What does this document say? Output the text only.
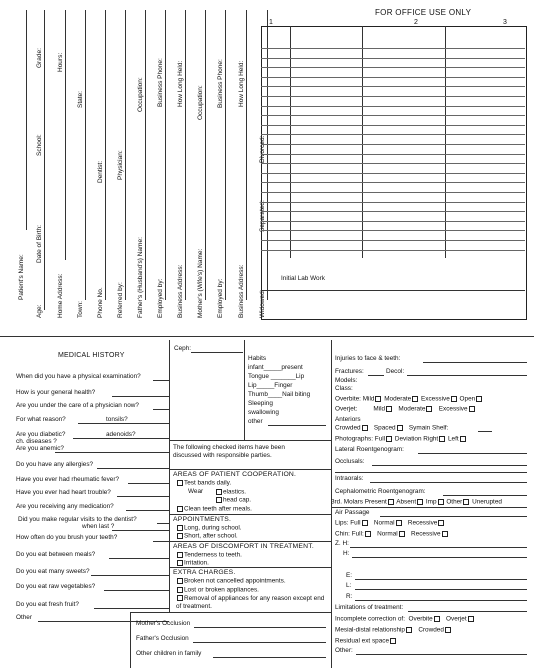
Patient's Name:
Age:
Date of Birth:
School:
Grade:
Home Address:
Hours:
Town:
State:
Phone No.
Dentist:
Referred by:
Physician:
Father's (Husband's) Name:
Occupation:
Employed by:
Business Phone:
Business Address:
How Long Held:
Mother's (Wife's) Name:
Occupation:
Employed by:
Business Phone:
Business Address:
How Long Held:
Widowed:
Separated:
Divorced:
FOR OFFICE USE ONLY
1	2	3
Initial Lab Work
MEDICAL HISTORY
When did you have a physical examination?
How is your general health?
Are you under the care of a physician now?
For what reason?
Are you diabetic?
Are you anemic?
Do you have any allergies?
Have you ever had rheumatic fever?
Have you ever had heart trouble?
Are you receiving any medication?
Did you make regular visits to the dentist?
How often do you brush your teeth?
Do you eat between meals?
Do you eat many sweets?
Do you eat raw vegetables?
Do you eat fresh fruit?
Other
tonsils?
adenoids?
ch. diseases ?
when last ?
Ceph:
Habits
infant_____present
Tongue _______Lip
Lip_____Finger
Thumb____Nail biting
Sleeping
swallowing
other
The following checked items have been discussed with responsible parties.
AREAS OF PATIENT COOPERATION.
Test bands daily.
Wear	elastics.
head cap.
Clean teeth after meals.
APPOINTMENTS.
Long, during school.
Short, after school.
AREAS OF DISCOMFORT IN TREATMENT.
Tenderness to teeth.
Irritation.
EXTRA CHARGES.
Broken not cancelled appointments.
Lost or broken appliances.
Removal of appliances for any reason except end of treatment.
Mother's Occlusion
Father's Occlusion
Other children in family
Injuries to face & teeth:
Fractures:	Decol:
Models:
Class:
Overbite: Mild Moderate Excessive Open
Overjet: Mild Moderate Excessive
Anteriors
Crowded Spaced Symain Shelf:
Photographs: Full Deviation Right Left
Lateral Roentgenogram:
Occlusals:
Intraorals:
Cephalometric Roentgenogram:
3rd. Molars Present Absent Imp Other Unerupted
Air Passage
Lips: Full Normal Recessive
Chin: Full: Normal Recessive
Z. H:
H:
E:
L:
R:
Limitations of treatment:
Incomplete correction of: Overbite Overjet
Mesial-distal relationship Crowded
Residual ext space
Other:
